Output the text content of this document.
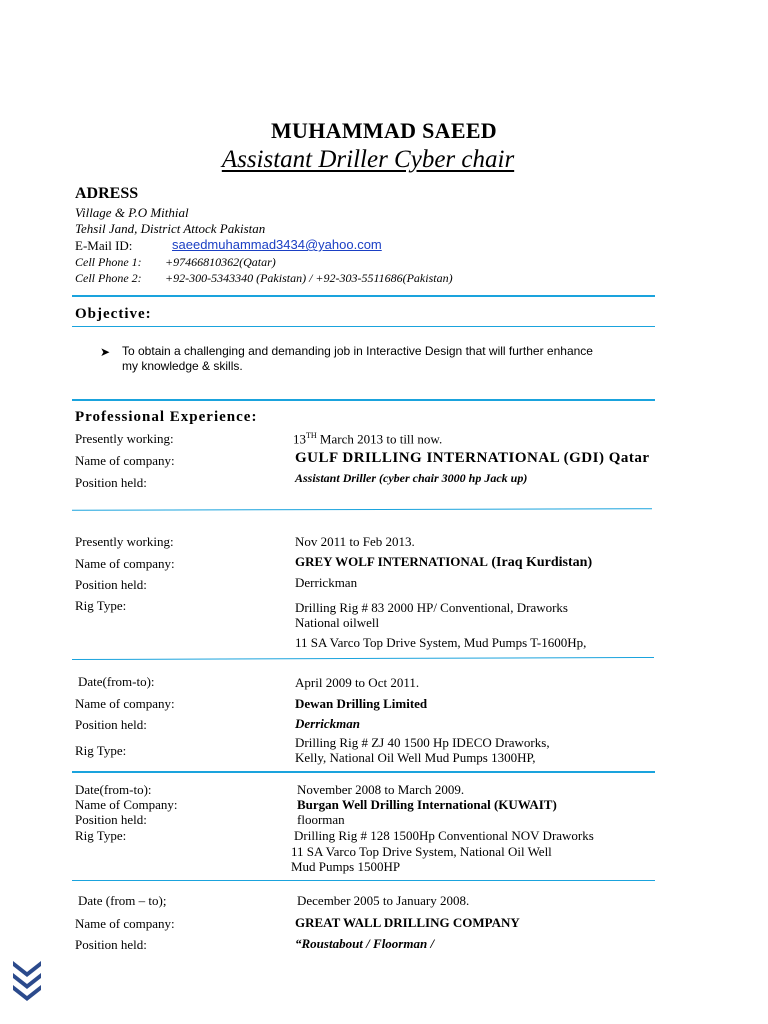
MUHAMMAD SAEED
Assistant Driller Cyber chair
ADRESS
Village & P.O Mithial
Tehsil Jand, District Attock Pakistan
E-Mail ID:	saeedmuhammad3434@yahoo.com
Cell Phone 1: +97466810362(Qatar)
Cell Phone 2: +92-300-5343340 (Pakistan) / +92-303-5511686(Pakistan)
Objective:
➤ To obtain a challenging and demanding job in Interactive Design that will further enhance
my knowledge & skills.
Professional Experience:
Presently working:	13TH March 2013 to till now.
Name of company:	GULF DRILLING INTERNATIONAL (GDI) Qatar
Position held:	Assistant Driller (cyber chair 3000 hp Jack up)
Presently working:	Nov 2011 to Feb 2013.
Name of company:	GREY WOLF INTERNATIONAL (Iraq Kurdistan)
Position held:	Derrickman
Rig Type:	Drilling Rig # 83 2000 HP/ Conventional, Draworks
National oilwell
11 SA Varco Top Drive System, Mud Pumps T-1600Hp,
Date(from-to):	April 2009 to Oct 2011.
Name of company:	Dewan Drilling Limited
Position held:	Derrickman
Rig Type:
Drilling Rig # ZJ 40 1500 Hp IDECO Draworks,
Kelly, National Oil Well Mud Pumps 1300HP,
Date(from-to):	November 2008 to March 2009.
Name of Company:	Burgan Well Drilling International (KUWAIT)
Position held:	floorman
Rig Type:	Drilling Rig # 128 1500Hp Conventional NOV Draworks
11 SA Varco Top Drive System, National Oil Well
Mud Pumps 1500HP
Date (from – to);	December 2005 to January 2008.
Name of company:	GREAT WALL DRILLING COMPANY
Position held:	“Roustabout / Floorman /
